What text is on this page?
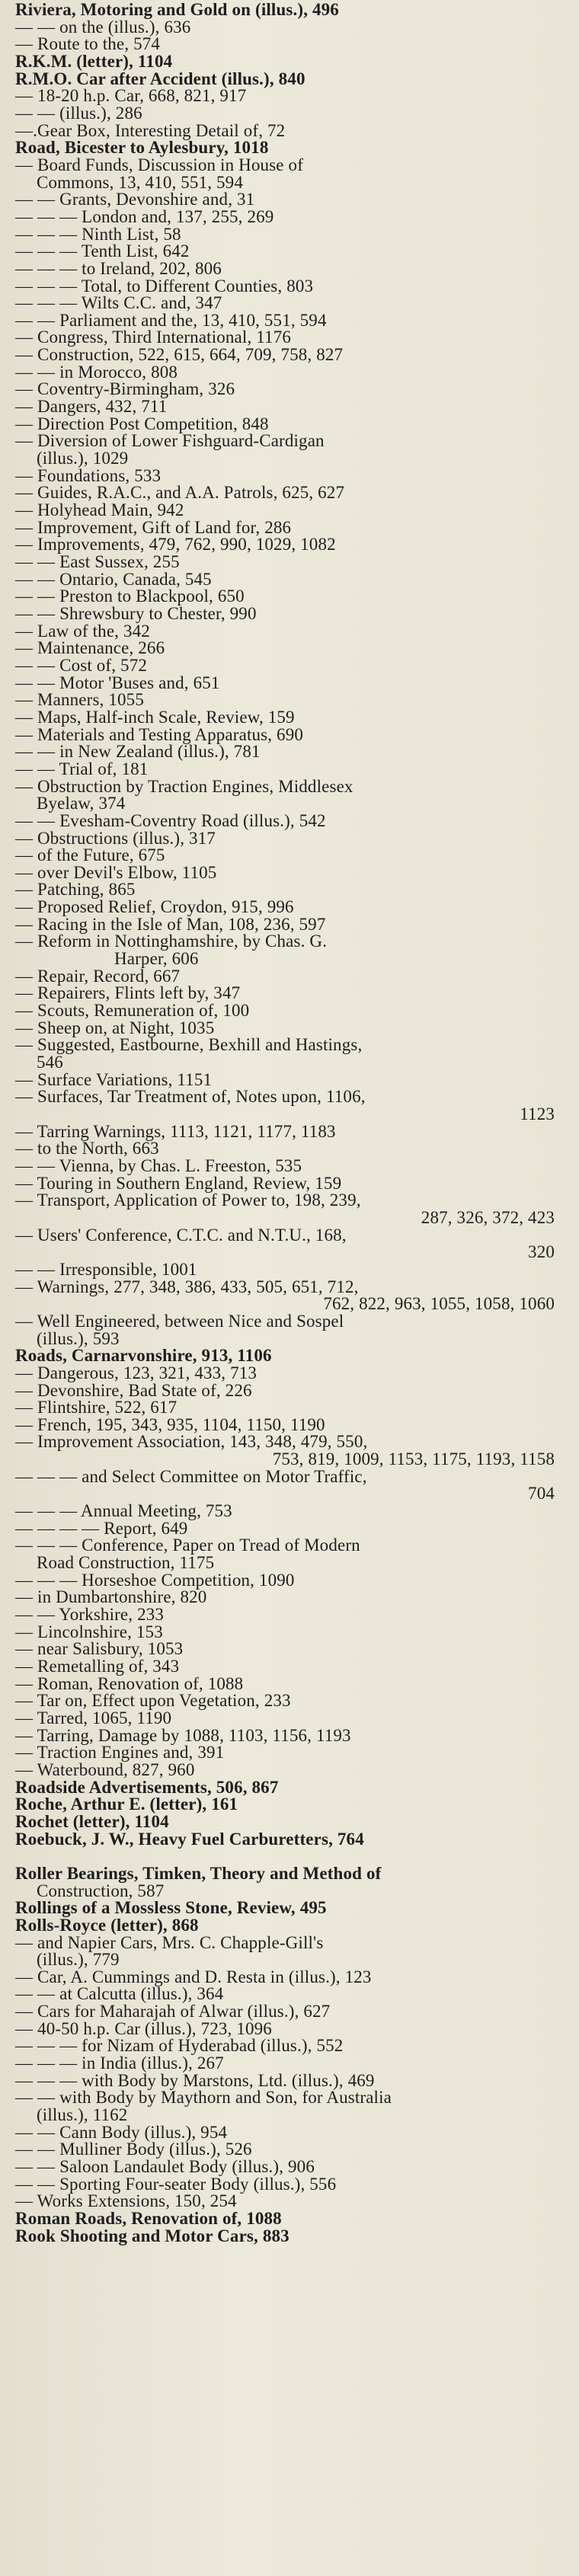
Riviera, Motoring and Gold on (illus.), 496
— — on the (illus.), 636
— Route to the, 574
R.K.M. (letter), 1104
R.M.O. Car after Accident (illus.), 840
— 18-20 h.p. Car, 668, 821, 917
— — (illus.), 286
—.Gear Box, Interesting Detail of, 72
Road, Bicester to Aylesbury, 1018
— Board Funds, Discussion in House of
Commons, 13, 410, 551, 594
— — Grants, Devonshire and, 31
— — — London and, 137, 255, 269
— — — Ninth List, 58
— — — Tenth List, 642
— — — to Ireland, 202, 806
— — — Total, to Different Counties, 803
— — — Wilts C.C. and, 347
— — Parliament and the, 13, 410, 551, 594
— Congress, Third International, 1176
— Construction, 522, 615, 664, 709, 758, 827
— — in Morocco, 808
— Coventry-Birmingham, 326
— Dangers, 432, 711
— Direction Post Competition, 848
— Diversion of Lower Fishguard-Cardigan
(illus.), 1029
— Foundations, 533
— Guides, R.A.C., and A.A. Patrols, 625, 627
— Holyhead Main, 942
— Improvement, Gift of Land for, 286
— Improvements, 479, 762, 990, 1029, 1082
— — East Sussex, 255
— — Ontario, Canada, 545
— — Preston to Blackpool, 650
— — Shrewsbury to Chester, 990
— Law of the, 342
— Maintenance, 266
— — Cost of, 572
— — Motor 'Buses and, 651
— Manners, 1055
— Maps, Half-inch Scale, Review, 159
— Materials and Testing Apparatus, 690
— — in New Zealand (illus.), 781
— — Trial of, 181
— Obstruction by Traction Engines, Middlesex
Byelaw, 374
— — Evesham-Coventry Road (illus.), 542
— Obstructions (illus.), 317
— of the Future, 675
— over Devil's Elbow, 1105
— Patching, 865
— Proposed Relief, Croydon, 915, 996
— Racing in the Isle of Man, 108, 236, 597
— Reform in Nottinghamshire, by Chas. G.
Harper, 606
— Repair, Record, 667
— Repairers, Flints left by, 347
— Scouts, Remuneration of, 100
— Sheep on, at Night, 1035
— Suggested, Eastbourne, Bexhill and Hastings,
546
— Surface Variations, 1151
— Surfaces, Tar Treatment of, Notes upon, 1106,
1123
— Tarring Warnings, 1113, 1121, 1177, 1183
— to the North, 663
— — Vienna, by Chas. L. Freeston, 535
— Touring in Southern England, Review, 159
— Transport, Application of Power to, 198, 239,
287, 326, 372, 423
— Users' Conference, C.T.C. and N.T.U., 168,
320
— — Irresponsible, 1001
— Warnings, 277, 348, 386, 433, 505, 651, 712,
762, 822, 963, 1055, 1058, 1060
— Well Engineered, between Nice and Sospel
(illus.), 593
Roads, Carnarvonshire, 913, 1106
— Dangerous, 123, 321, 433, 713
— Devonshire, Bad State of, 226
— Flintshire, 522, 617
— French, 195, 343, 935, 1104, 1150, 1190
— Improvement Association, 143, 348, 479, 550,
753, 819, 1009, 1153, 1175, 1193, 1158
— — — and Select Committee on Motor Traffic,
704
— — — Annual Meeting, 753
— — — — Report, 649
— — — Conference, Paper on Tread of Modern
Road Construction, 1175
— — — Horseshoe Competition, 1090
— in Dumbartonshire, 820
— — Yorkshire, 233
— Lincolnshire, 153
— near Salisbury, 1053
— Remetalling of, 343
— Roman, Renovation of, 1088
— Tar on, Effect upon Vegetation, 233
— Tarred, 1065, 1190
— Tarring, Damage by 1088, 1103, 1156, 1193
— Traction Engines and, 391
— Waterbound, 827, 960
Roadside Advertisements, 506, 867
Roche, Arthur E. (letter), 161
Rochet (letter), 1104
Roebuck, J. W., Heavy Fuel Carburetters, 764
Roller Bearings, Timken, Theory and Method of
Construction, 587
Rollings of a Mossless Stone, Review, 495
Rolls-Royce (letter), 868
— and Napier Cars, Mrs. C. Chapple-Gill's
(illus.), 779
— Car, A. Cummings and D. Resta in (illus.), 123
— — at Calcutta (illus.), 364
— Cars for Maharajah of Alwar (illus.), 627
— 40-50 h.p. Car (illus.), 723, 1096
— — — for Nizam of Hyderabad (illus.), 552
— — — in India (illus.), 267
— — — with Body by Marstons, Ltd. (illus.), 469
— — with Body by Maythorn and Son, for Australia
(illus.), 1162
— — Cann Body (illus.), 954
— — Mulliner Body (illus.), 526
— — Saloon Landaulet Body (illus.), 906
— — Sporting Four-seater Body (illus.), 556
— Works Extensions, 150, 254
Roman Roads, Renovation of, 1088
Rook Shooting and Motor Cars, 883
